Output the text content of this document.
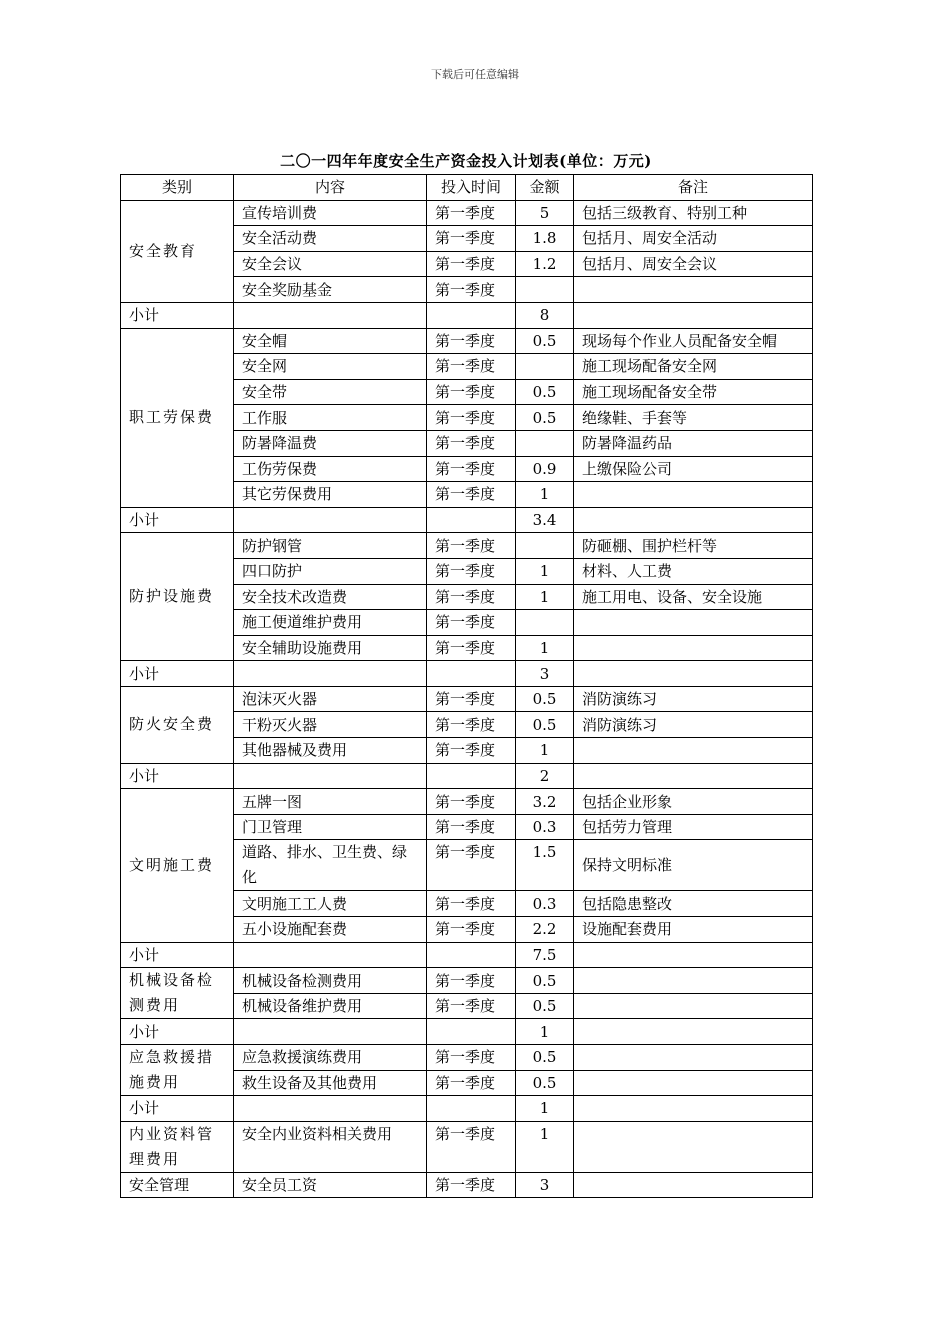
下载后可任意编辑
二〇一四年年度安全生产资金投入计划表(单位：万元)
类别	内容	投入时间	金额	备注
安全教育	宣传培训费	第一季度	5	包括三级教育、特别工种
	安全活动费	第一季度	1.8	包括月、周安全活动
	安全会议	第一季度	1.2	包括月、周安全会议
	安全奖励基金	第一季度		
小计			8	
职工劳保费	安全帽	第一季度	0.5	现场每个作业人员配备安全帽
	安全网	第一季度		施工现场配备安全网
	安全带	第一季度	0.5	施工现场配备安全带
	工作服	第一季度	0.5	绝缘鞋、手套等
	防暑降温费	第一季度		防暑降温药品
	工伤劳保费	第一季度	0.9	上缴保险公司
	其它劳保费用	第一季度	1	
小计			3.4	
防护设施费	防护钢管	第一季度		防砸棚、围护栏杆等
	四口防护	第一季度	1	材料、人工费
	安全技术改造费	第一季度	1	施工用电、设备、安全设施
	施工便道维护费用	第一季度		
	安全辅助设施费用	第一季度	1	
小计			3	
防火安全费	泡沫灭火器	第一季度	0.5	消防演练习
	干粉灭火器	第一季度	0.5	消防演练习
	其他器械及费用	第一季度	1	
小计			2	
文明施工费	五牌一图	第一季度	3.2	包括企业形象
	门卫管理	第一季度	0.3	包括劳力管理
	道路、排水、卫生费、绿化	第一季度	1.5	保持文明标准
	文明施工工人费	第一季度	0.3	包括隐患整改
	五小设施配套费	第一季度	2.2	设施配套费用
小计			7.5	
机械设备检测费用	机械设备检测费用	第一季度	0.5	
	机械设备维护费用	第一季度	0.5	
小计			1	
应急救援措施费用	应急救援演练费用	第一季度	0.5	
	救生设备及其他费用	第一季度	0.5	
小计			1	
内业资料管理费用	安全内业资料相关费用	第一季度	1	
安全管理	安全员工资	第一季度	3	
